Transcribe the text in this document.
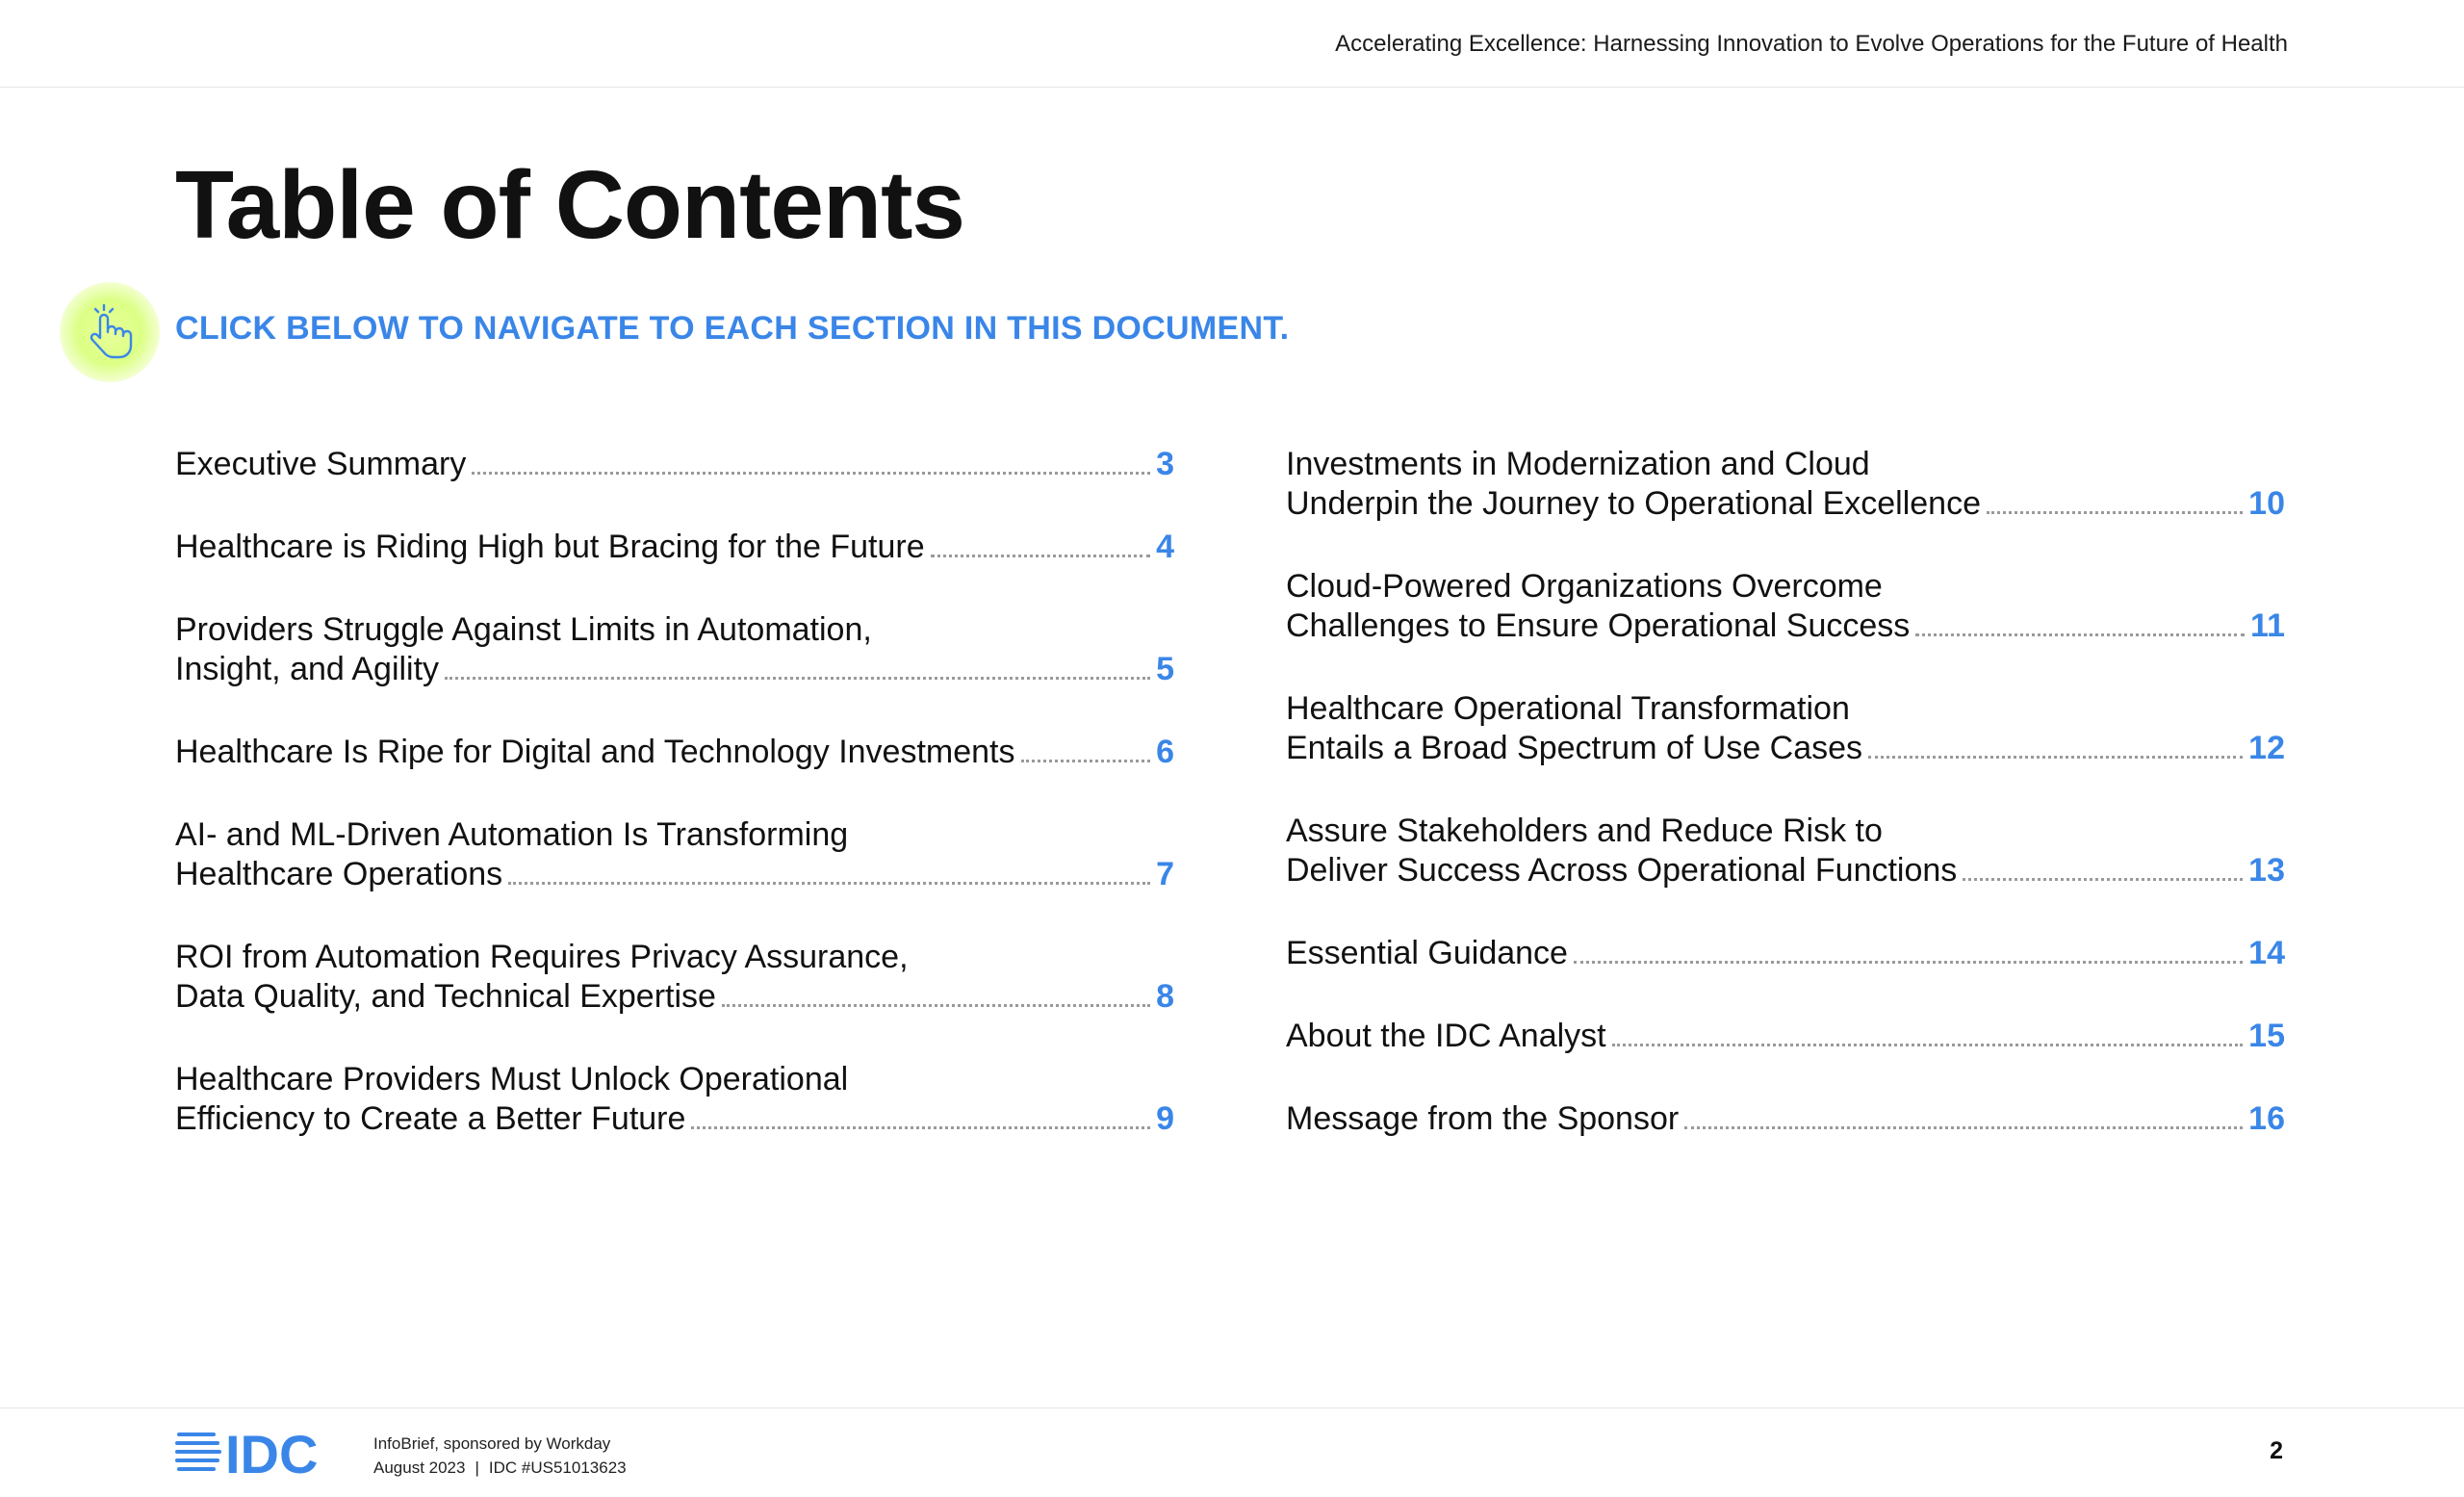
Accelerating Excellence: Harnessing Innovation to Evolve Operations for the Future of Health
Table of Contents
CLICK BELOW TO NAVIGATE TO EACH SECTION IN THIS DOCUMENT.
Executive Summary	3
Healthcare is Riding High but Bracing for the Future	4
Providers Struggle Against Limits in Automation,
Insight, and Agility	5
Healthcare Is Ripe for Digital and Technology Investments	6
AI- and ML-Driven Automation Is Transforming
Healthcare Operations	7
ROI from Automation Requires Privacy Assurance,
Data Quality, and Technical Expertise	8
Healthcare Providers Must Unlock Operational
Efficiency to Create a Better Future	9
Investments in Modernization and Cloud
Underpin the Journey to Operational Excellence	10
Cloud-Powered Organizations Overcome
Challenges to Ensure Operational Success	11
Healthcare Operational Transformation
Entails a Broad Spectrum of Use Cases	12
Assure Stakeholders and Reduce Risk to
Deliver Success Across Operational Functions	13
Essential Guidance	14
About the IDC Analyst	15
Message from the Sponsor	16
IDC	InfoBrief, sponsored by Workday
August 2023 | IDC #US51013623
2
